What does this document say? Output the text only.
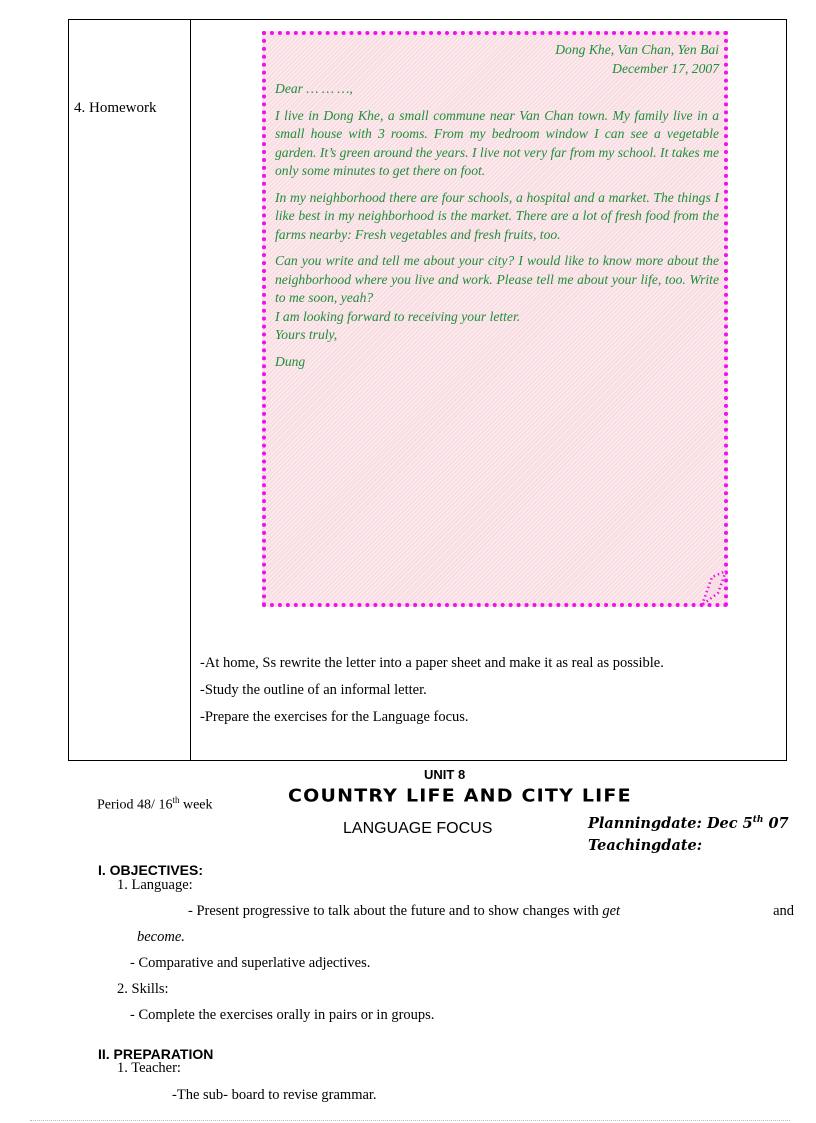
4. Homework
Dong Khe, Van Chan, Yen Bai
December 17, 2007
Dear … … …,

I live in Dong Khe, a small commune near Van Chan town. My family live in a small house with 3 rooms. From my bedroom window I can see a vegetable garden. It’s green around the years. I live not very far from my school. It takes me only some minutes to get there on foot.

In my neighborhood there are four schools, a hospital and a market. The things I like best in my neighborhood is the market. There are a lot of fresh food from the farms nearby: Fresh vegetables and fresh fruits, too.

Can you write and tell me about your city? I would like to know more about the neighborhood where you live and work. Please tell me about your life, too. Write to me soon, yeah?

I am looking forward to receiving your letter.
Yours truly,
Dung
-At home, Ss rewrite the letter into a paper sheet and make it as real as possible.
-Study the outline of an informal letter.
-Prepare the exercises for the Language focus.
UNIT 8
Period 48/ 16th week	COUNTRY LIFE AND CITY LIFE
LANGUAGE FOCUS	Planningdate: Dec 5th 07
Teachingdate:
I. OBJECTIVES:
1. Language:
- Present progressive to talk about the future and to show changes with get	and
become.
- Comparative and superlative adjectives.
2. Skills:
- Complete the exercises orally in pairs or in groups.
II. PREPARATION
1. Teacher:
-The sub- board to revise grammar.
